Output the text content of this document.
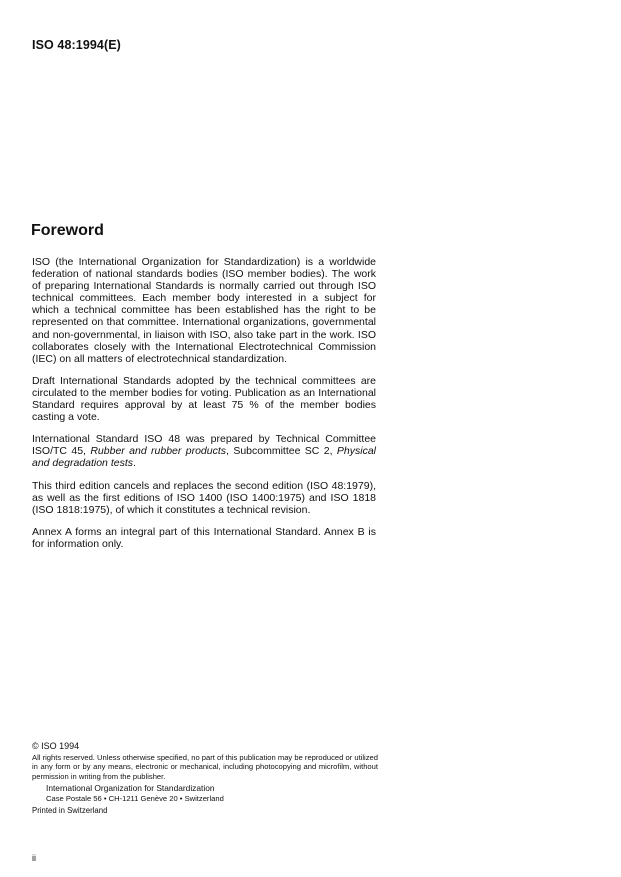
ISO 48:1994(E)
Foreword

ISO (the International Organization for Standardization) is a worldwide federation of national standards bodies (ISO member bodies). The work of preparing International Standards is normally carried out through ISO technical committees. Each member body interested in a subject for which a technical committee has been established has the right to be represented on that committee. International organizations, governmental and non-governmental, in liaison with ISO, also take part in the work. ISO collaborates closely with the International Electrotechnical Commission (IEC) on all matters of electrotechnical standardization.

Draft International Standards adopted by the technical committees are circulated to the member bodies for voting. Publication as an International Standard requires approval by at least 75 % of the member bodies casting a vote.

International Standard ISO 48 was prepared by Technical Committee ISO/TC 45, Rubber and rubber products, Subcommittee SC 2, Physical and degradation tests.

This third edition cancels and replaces the second edition (ISO 48:1979), as well as the first editions of ISO 1400 (ISO 1400:1975) and ISO 1818 (ISO 1818:1975), of which it constitutes a technical revision.

Annex A forms an integral part of this International Standard. Annex B is for information only.

© ISO 1994
All rights reserved. Unless otherwise specified, no part of this publication may be reproduced or utilized in any form or by any means, electronic or mechanical, including photocopying and microfilm, without permission in writing from the publisher.
International Organization for Standardization
Case Postale 56 • CH-1211 Genève 20 • Switzerland
Printed in Switzerland
ii
